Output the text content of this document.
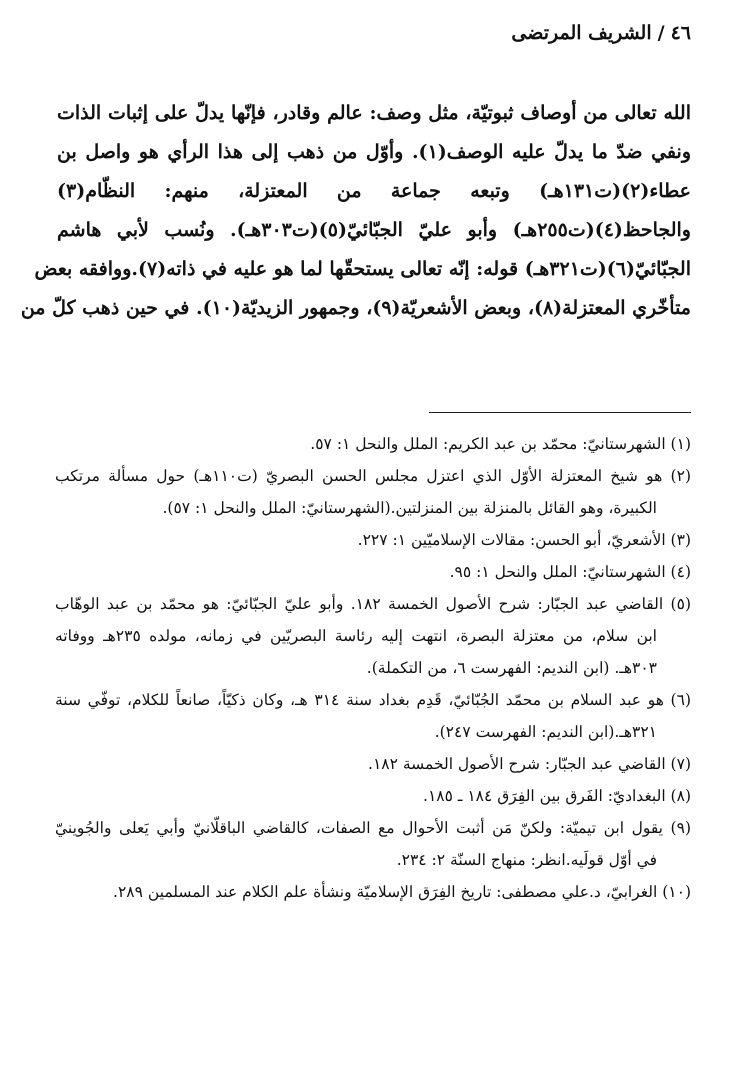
٤٦/الشريف المرتضى
الله تعالى من أوصاف ثبوتيّة، مثل وصف: عالم وقادر، فإنّها يدلّ على إثبات الذات
ونفي ضدّ ما يدلّ عليه الوصف(١). وأوّل من ذهب إلى هذا الرأي هو واصل بن
عطاء(٢)(ت١٣١هـ) وتبعه جماعة من المعتزلة، منهم: النظّام(٣)
والجاحظ(٤)(ت٢٥٥هـ) وأبو عليّ الجبّائيّ(٥)(ت٣٠٣هـ). ونُسب لأبي هاشم
الجبّائيّ(٦)(ت٣٢١هـ) قوله: إنّه تعالى يستحقّها لما هو عليه في ذاته(٧).ووافقه بعض
متأخّري المعتزلة(٨)، وبعض الأشعريّة(٩)، وجمهور الزيديّة(١٠). في حين ذهب كلّ من
(١) الشهرستانيّ: محمّد بن عبد الكريم: الملل والنحل ١: ٥٧.
(٢) هو شيخ المعتزلة الأوّل الذي اعتزل مجلس الحسن البصريّ (ت١١٠هـ) حول مسألة مرتكب
الكبيرة، وهو القائل بالمنزلة بين المنزلتين.(الشهرستانيّ: الملل والنحل ١: ٥٧).
(٣) الأشعريّ، أبو الحسن: مقالات الإسلاميّين ١: ٢٢٧.
(٤) الشهرستانيّ: الملل والنحل ١: ٩٥.
(٥) القاضي عبد الجبّار: شرح الأصول الخمسة ١٨٢. وأبو عليّ الجبّائيّ: هو محمّد بن عبد الوهّاب
ابن سلام، من معتزلة البصرة، انتهت إليه رئاسة البصريّين في زمانه، مولده ٢٣٥هـ ووفاته
٣٠٣هـ. (ابن النديم: الفهرست ٦، من التكملة).
(٦) هو عبد السلام بن محمّد الجُبّائيّ، قَدِم بغداد سنة ٣١٤ هـ، وكان ذكيّاً، صانعاً للكلام، توفّي سنة
٣٢١هـ.(ابن النديم: الفهرست ٢٤٧).
(٧) القاضي عبد الجبّار: شرح الأصول الخمسة ١٨٢.
(٨) البغداديّ: الفَرق بين الفِرَق ١٨٤ ـ ١٨٥.
(٩) يقول ابن تيميّة: ولكنّ مَن أثبت الأحوال مع الصفات، كالقاضي الباقلّانيّ وأبي يَعلى والجُوينيّ
في أوّل قولَيه.انظر: منهاج السنّة ٢: ٢٣٤.
(١٠) الغرابيّ، د.علي مصطفى: تاريخ الفِرَق الإسلاميّة ونشأة علم الكلام عند المسلمين ٢٨٩.
